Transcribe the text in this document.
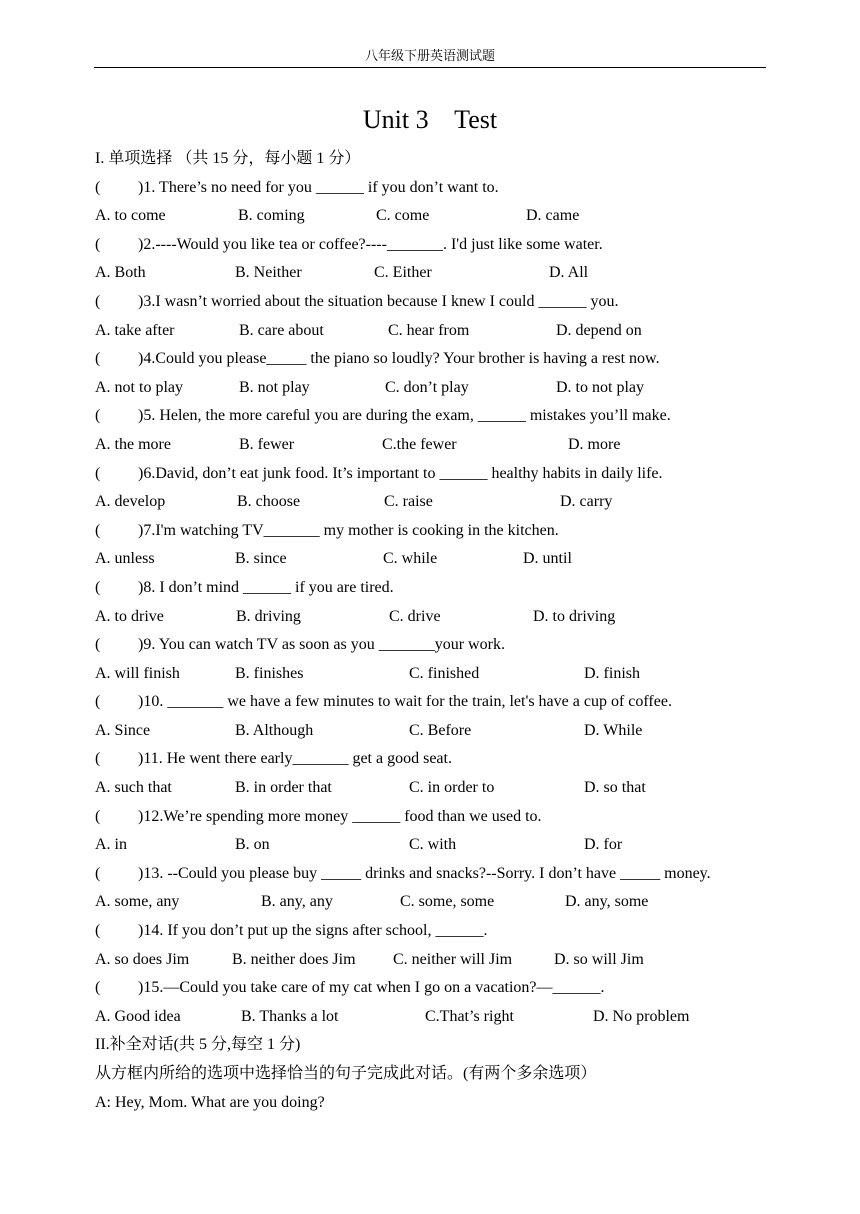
八年级下册英语测试题
Unit 3    Test
I. 单项选择 （共 15 分，每小题 1 分）
( )1. There’s no need for you ______ if you don’t want to.
A. to come	B. coming	C. come	D. came
( )2.----Would you like tea or coffee?----_______. I'd just like some water.
A. Both	B. Neither	C. Either	D. All
( )3.I wasn’t worried about the situation because I knew I could ______ you.
A. take after	B. care about	C. hear from	D. depend on
( )4.Could you please_____ the piano so loudly? Your brother is having a rest now.
A. not to play	B. not play	C. don’t play	D. to not play
( )5. Helen, the more careful you are during the exam, ______ mistakes you’ll make.
A. the more	B. fewer	C.the fewer	D. more
( )6.David, don’t eat junk food. It’s important to ______ healthy habits in daily life.
A. develop	B. choose	C. raise	D. carry
( )7.I'm watching TV_______ my mother is cooking in the kitchen.
A. unless	B. since	C. while	D. until
( )8. I don’t mind ______ if you are tired.
A. to drive	B. driving	C. drive	D. to driving
( )9. You can watch TV as soon as you _______your work.
A. will finish	B. finishes	C. finished	D. finish
( )10. _______ we have a few minutes to wait for the train, let's have a cup of coffee.
A. Since	B. Although	C. Before	D. While
( )11. He went there early_______ get a good seat.
A. such that	B. in order that	C. in order to	D. so that
( )12.We’re spending more money ______ food than we used to.
A. in	B. on	C. with	D. for
( )13. --Could you please buy _____ drinks and snacks?--Sorry. I don’t have _____ money.
A. some, any	B. any, any	C. some, some	D. any, some
( )14. If you don’t put up the signs after school, ______.
A. so does Jim	B. neither does Jim C. neither will Jim	D. so will Jim
( )15.—Could you take care of my cat when I go on a vacation?—______.
A. Good idea	B. Thanks a lot	C.That’s right	D. No problem
II.补全对话(共 5 分,每空 1 分)
从方框内所给的选项中选择恰当的句子完成此对话。(有两个多余选项）
A: Hey, Mom. What are you doing?
